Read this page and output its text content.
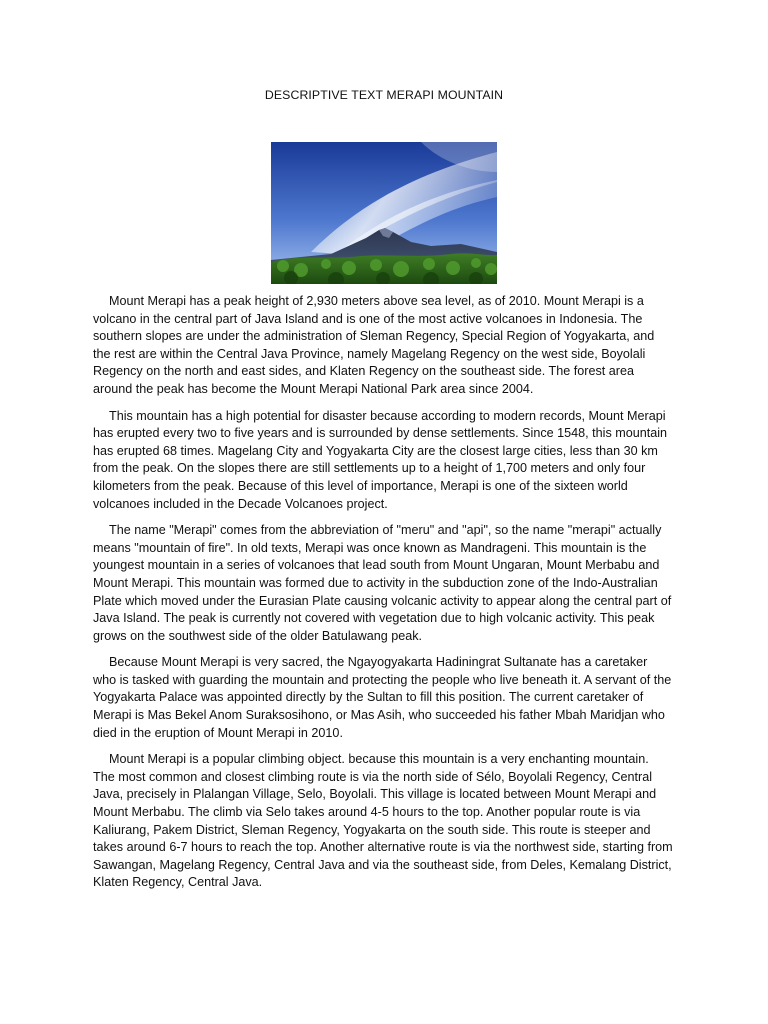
DESCRIPTIVE TEXT MERAPI MOUNTAIN

Mount Merapi has a peak height of 2,930 meters above sea level, as of 2010. Mount Merapi is a volcano in the central part of Java Island and is one of the most active volcanoes in Indonesia. The southern slopes are under the administration of Sleman Regency, Special Region of Yogyakarta, and the rest are within the Central Java Province, namely Magelang Regency on the west side, Boyolali Regency on the north and east sides, and Klaten Regency on the southeast side. The forest area around the peak has become the Mount Merapi National Park area since 2004.

This mountain has a high potential for disaster because according to modern records, Mount Merapi has erupted every two to five years and is surrounded by dense settlements. Since 1548, this mountain has erupted 68 times. Magelang City and Yogyakarta City are the closest large cities, less than 30 km from the peak. On the slopes there are still settlements up to a height of 1,700 meters and only four kilometers from the peak. Because of this level of importance, Merapi is one of the sixteen world volcanoes included in the Decade Volcanoes project.

The name "Merapi" comes from the abbreviation of "meru" and "api", so the name "merapi" actually means "mountain of fire". In old texts, Merapi was once known as Mandrageni. This mountain is the youngest mountain in a series of volcanoes that lead south from Mount Ungaran, Mount Merbabu and Mount Merapi. This mountain was formed due to activity in the subduction zone of the Indo-Australian Plate which moved under the Eurasian Plate causing volcanic activity to appear along the central part of Java Island. The peak is currently not covered with vegetation due to high volcanic activity. This peak grows on the southwest side of the older Batulawang peak.

Because Mount Merapi is very sacred, the Ngayogyakarta Hadiningrat Sultanate has a caretaker who is tasked with guarding the mountain and protecting the people who live beneath it. A servant of the Yogyakarta Palace was appointed directly by the Sultan to fill this position. The current caretaker of Merapi is Mas Bekel Anom Suraksosihono, or Mas Asih, who succeeded his father Mbah Maridjan who died in the eruption of Mount Merapi in 2010.

Mount Merapi is a popular climbing object. because this mountain is a very enchanting mountain. The most common and closest climbing route is via the north side of Sélo, Boyolali Regency, Central Java, precisely in Plalangan Village, Selo, Boyolali. This village is located between Mount Merapi and Mount Merbabu. The climb via Selo takes around 4-5 hours to the top. Another popular route is via Kaliurang, Pakem District, Sleman Regency, Yogyakarta on the south side. This route is steeper and takes around 6-7 hours to reach the top. Another alternative route is via the northwest side, starting from Sawangan, Magelang Regency, Central Java and via the southeast side, from Deles, Kemalang District, Klaten Regency, Central Java.
